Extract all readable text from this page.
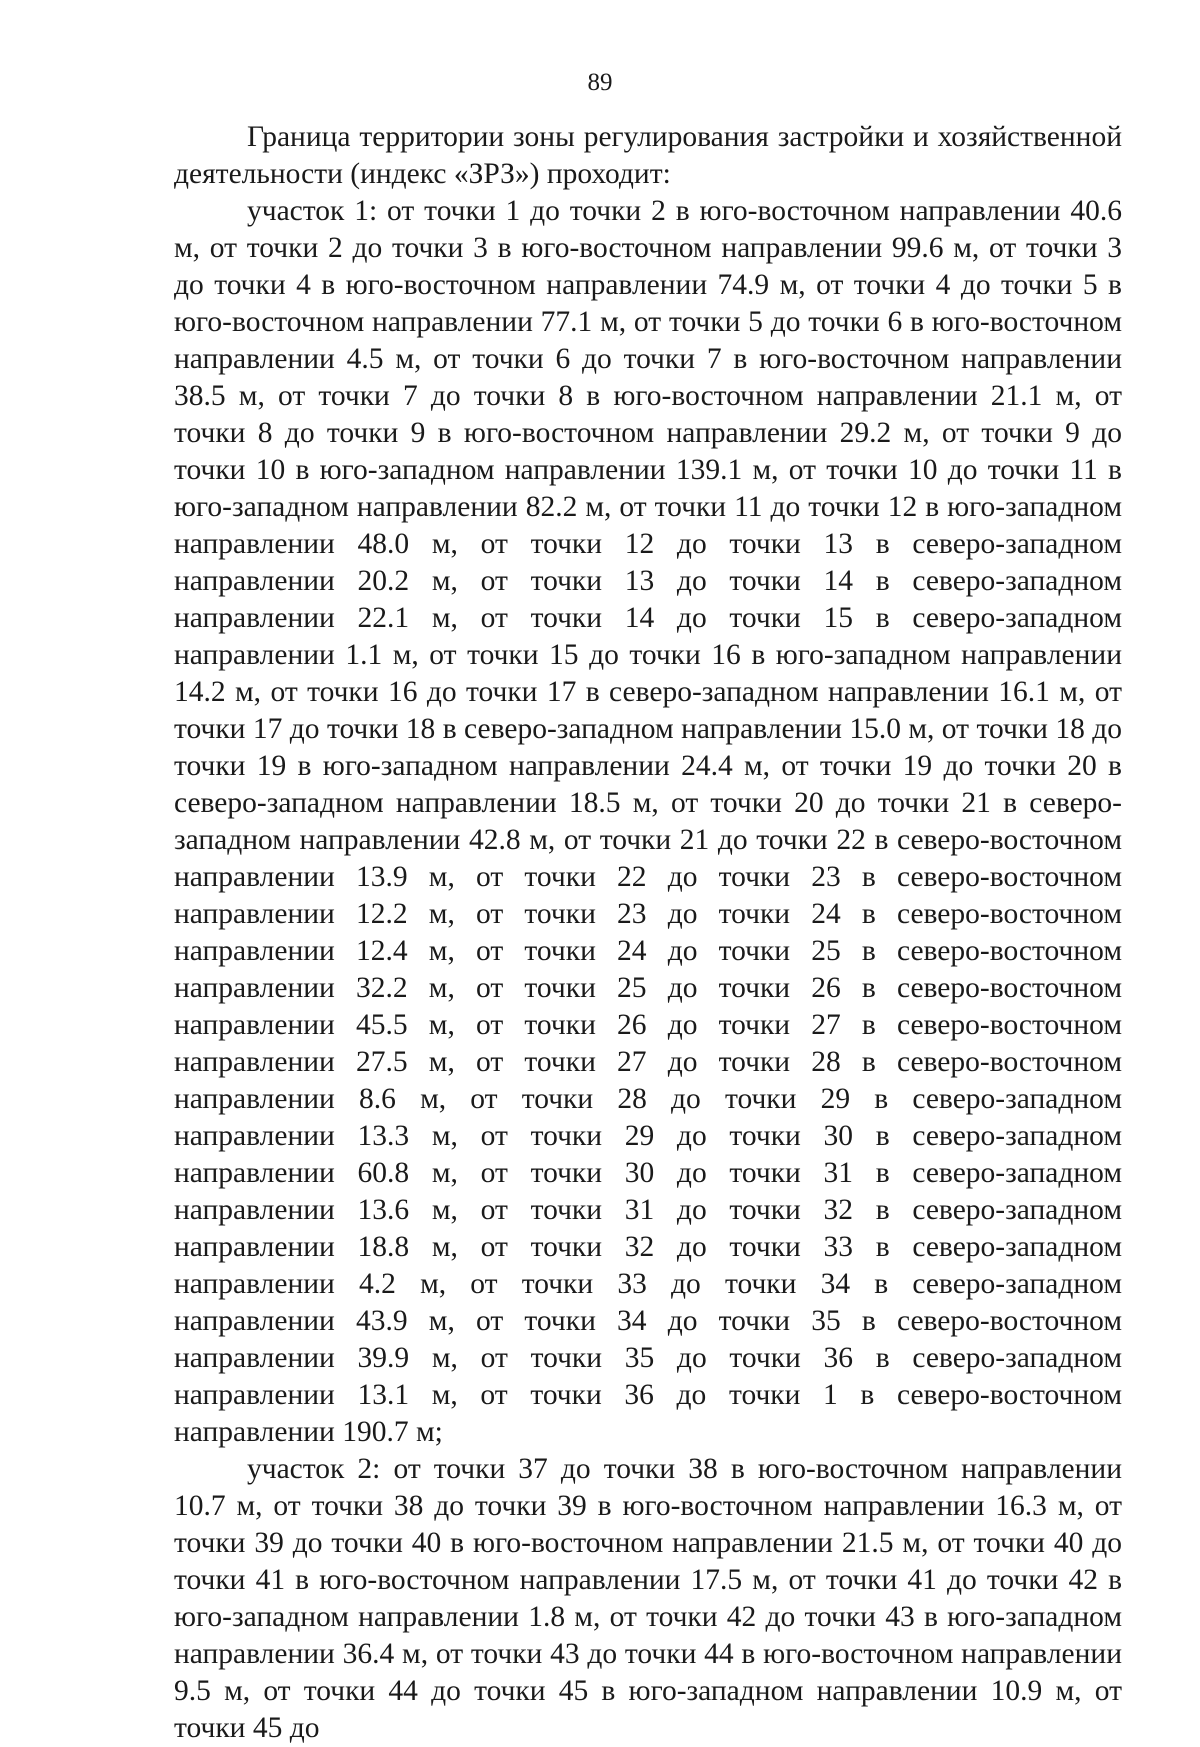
89

Граница территории зоны регулирования застройки и хозяйственной деятельности (индекс «ЗРЗ») проходит:

участок 1: от точки 1 до точки 2 в юго-восточном направлении 40.6 м, от точки 2 до точки 3 в юго-восточном направлении 99.6 м, от точки 3 до точки 4 в юго-восточном направлении 74.9 м, от точки 4 до точки 5 в юго-восточном направлении 77.1 м, от точки 5 до точки 6 в юго-восточном направлении 4.5 м, от точки 6 до точки 7 в юго-восточном направлении 38.5 м, от точки 7 до точки 8 в юго-восточном направлении 21.1 м, от точки 8 до точки 9 в юго-восточном направлении 29.2 м, от точки 9 до точки 10 в юго-западном направлении 139.1 м, от точки 10 до точки 11 в юго-западном направлении 82.2 м, от точки 11 до точки 12 в юго-западном направлении 48.0 м, от точки 12 до точки 13 в северо-западном направлении 20.2 м, от точки 13 до точки 14 в северо-западном направлении 22.1 м, от точки 14 до точки 15 в северо-западном направлении 1.1 м, от точки 15 до точки 16 в юго-западном направлении 14.2 м, от точки 16 до точки 17 в северо-западном направлении 16.1 м, от точки 17 до точки 18 в северо-западном направлении 15.0 м, от точки 18 до точки 19 в юго-западном направлении 24.4 м, от точки 19 до точки 20 в северо-западном направлении 18.5 м, от точки 20 до точки 21 в северо-западном направлении 42.8 м, от точки 21 до точки 22 в северо-восточном направлении 13.9 м, от точки 22 до точки 23 в северо-восточном направлении 12.2 м, от точки 23 до точки 24 в северо-восточном направлении 12.4 м, от точки 24 до точки 25 в северо-восточном направлении 32.2 м, от точки 25 до точки 26 в северо-восточном направлении 45.5 м, от точки 26 до точки 27 в северо-восточном направлении 27.5 м, от точки 27 до точки 28 в северо-восточном направлении 8.6 м, от точки 28 до точки 29 в северо-западном направлении 13.3 м, от точки 29 до точки 30 в северо-западном направлении 60.8 м, от точки 30 до точки 31 в северо-западном направлении 13.6 м, от точки 31 до точки 32 в северо-западном направлении 18.8 м, от точки 32 до точки 33 в северо-западном направлении 4.2 м, от точки 33 до точки 34 в северо-западном направлении 43.9 м, от точки 34 до точки 35 в северо-восточном направлении 39.9 м, от точки 35 до точки 36 в северо-западном направлении 13.1 м, от точки 36 до точки 1 в северо-восточном направлении 190.7 м;

участок 2: от точки 37 до точки 38 в юго-восточном направлении 10.7 м, от точки 38 до точки 39 в юго-восточном направлении 16.3 м, от точки 39 до точки 40 в юго-восточном направлении 21.5 м, от точки 40 до точки 41 в юго-восточном направлении 17.5 м, от точки 41 до точки 42 в юго-западном направлении 1.8 м, от точки 42 до точки 43 в юго-западном направлении 36.4 м, от точки 43 до точки 44 в юго-восточном направлении 9.5 м, от точки 44 до точки 45 в юго-западном направлении 10.9 м, от точки 45 до
